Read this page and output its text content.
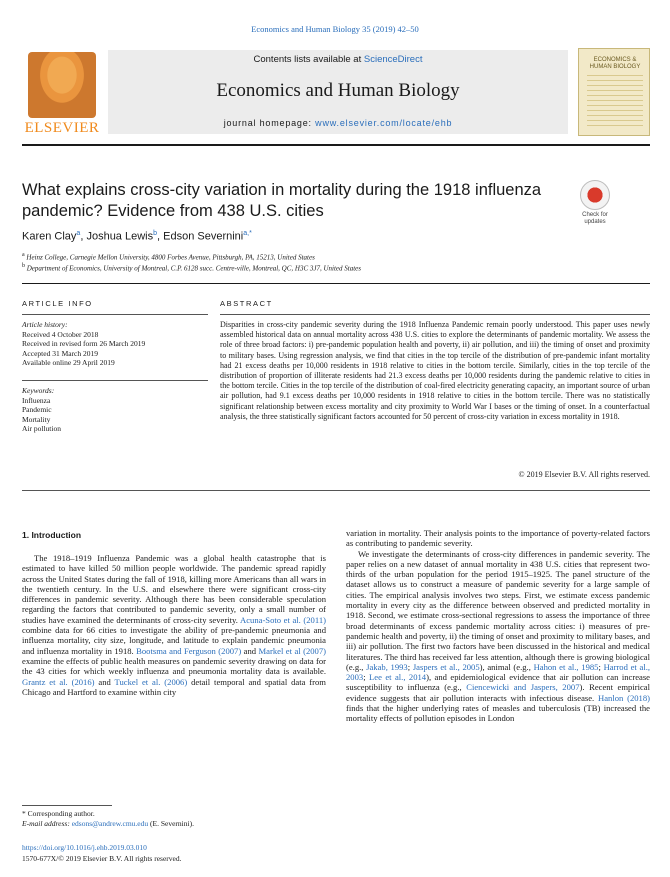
Economics and Human Biology 35 (2019) 42–50
ELSEVIER
Contents lists available at ScienceDirect
Economics and Human Biology
journal homepage: www.elsevier.com/locate/ehb
ECONOMICS & HUMAN BIOLOGY
What explains cross-city variation in mortality during the 1918 influenza pandemic? Evidence from 438 U.S. cities	Check for updates
Karen Clay$^a$, Joshua Lewis$^b$, Edson Severnini$^{a,*}$
$^a$ Heinz College, Carnegie Mellon University, 4800 Forbes Avenue, Pittsburgh, PA, 15213, United States
$^b$ Department of Economics, University of Montreal, C.P. 6128 succ. Centre-ville, Montreal, QC, H3C 3J7, United States
ARTICLE INFO	ABSTRACT
Article history:
Received 4 October 2018
Received in revised form 26 March 2019
Accepted 31 March 2019
Available online 29 April 2019
Keywords:
Influenza
Pandemic
Mortality
Air pollution
Disparities in cross-city pandemic severity during the 1918 Influenza Pandemic remain poorly understood. This paper uses newly assembled historical data on annual mortality across 438 U.S. cities to explore the determinants of pandemic mortality. We assess the role of three broad factors: i) pre-pandemic population health and poverty, ii) air pollution, and iii) the timing of onset and proximity to military bases. Using regression analysis, we find that cities in the top tercile of the distribution of pre-pandemic infant mortality had 21 excess deaths per 10,000 residents in 1918 relative to cities in the bottom tercile. Similarly, cities in the top tercile of the distribution of proportion of illiterate residents had 21.3 excess deaths per 10,000 residents during the pandemic relative to cities in the bottom tercile. Cities in the top tercile of the distribution of coal-fired electricity generating capacity, an important source of urban air pollution, had 9.1 excess deaths per 10,000 residents in 1918 relative to cities in the bottom tercile. There was no statistically significant relationship between excess mortality and city proximity to World War I bases or the timing of onset. In a counterfactual analysis, the three statistically significant factors accounted for 50 percent of cross-city variation in excess mortality in 1918.
© 2019 Elsevier B.V. All rights reserved.
1. Introduction

The 1918–1919 Influenza Pandemic was a global health catastrophe that is estimated to have killed 50 million people worldwide. The pandemic spread rapidly across the United States during the fall of 1918, killing more Americans than all wars in the twentieth century. In the U.S. and elsewhere there were significant cross-city differences in pandemic severity. Although there has been considerable speculation regarding the factors that contributed to pandemic severity, only a small number of studies have examined the determinants of cross-city severity. Acuna-Soto et al. (2011) combine data for 66 cities to investigate the ability of pre-pandemic pneumonia and influenza mortality, city size, longitude, and latitude to explain pandemic pneumonia and influenza mortality in 1918. Bootsma and Ferguson (2007) and Markel et al (2007) examine the effects of public health measures on pandemic severity drawing on data for the 43 cities for which weekly influenza and pneumonia mortality data is available. Grantz et al. (2016) and Tuckel et al. (2006) detail temporal and spatial data from Chicago and Hartford to examine within city

variation in mortality. Their analysis points to the importance of poverty-related factors as contributing to pandemic severity.

We investigate the determinants of cross-city differences in pandemic severity. The paper relies on a new dataset of annual mortality in 438 U.S. cities that represent two-thirds of the urban population for the period 1915–1925. The panel structure of the dataset allows us to construct a measure of pandemic severity for a large sample of cities. The empirical analysis involves two steps. First, we estimate excess pandemic mortality in every city as the difference between observed and predicted mortality in 1918. Second, we estimate cross-sectional regressions to assess the importance of three broad determinants of excess pandemic mortality across cities: i) measures of pre-pandemic health and poverty, ii) the timing of onset and proximity to military bases, and iii) air pollution. The first two factors have been discussed in the historical and medical literatures. The third has received far less attention, although there is growing biological (e.g., Jakab, 1993; Jaspers et al., 2005), animal (e.g., Hahon et al., 1985; Harrod et al., 2003; Lee et al., 2014), and epidemiological evidence that air pollution can increase susceptibility to influenza (e.g., Ciencewicki and Jaspers, 2007). Recent empirical evidence suggests that air pollution interacts with infectious disease. Hanlon (2018) finds that the higher underlying rates of measles and tuberculosis (TB) increased the mortality effects of pollution episodes in London

* Corresponding author.
E-mail address: edsons@andrew.cmu.edu (E. Severnini).
https://doi.org/10.1016/j.ehb.2019.03.010
1570-677X/© 2019 Elsevier B.V. All rights reserved.
